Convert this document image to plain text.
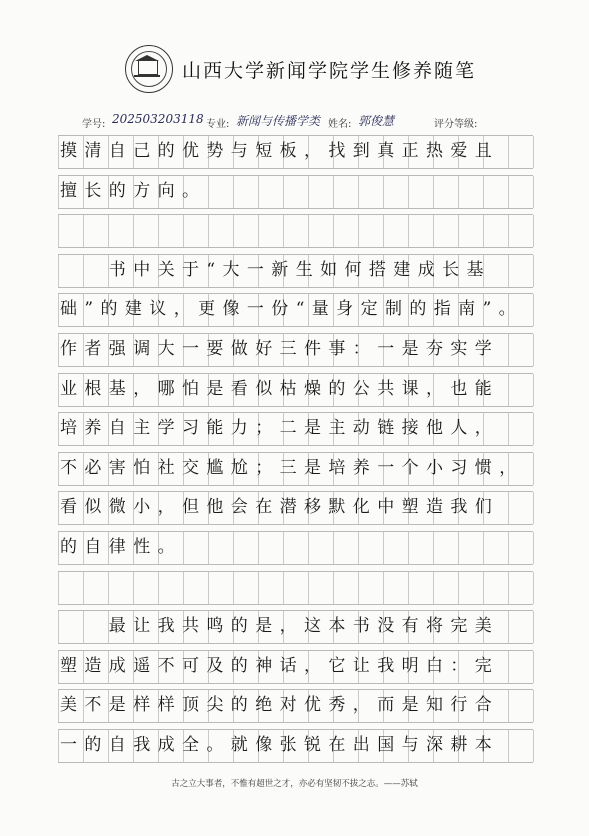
山西大学新闻学院学生修养随笔
学号: 202503203118 专业: 新闻与传播学类 姓名: 郭俊慧	评分等级:
摸清自己的优势与短板，找到真正热爱且
擅长的方向。
　　书中关于“大一新生如何搭建成长基
础”的建议，更像一份“量身定制的指南”。
作者强调大一要做好三件事：一是夯实学
业根基，哪怕是看似枯燥的公共课，也能
培养自主学习能力；二是主动链接他人，
不必害怕社交尴尬；三是培养一个小习惯，
看似微小，但他会在潜移默化中塑造我们
的自律性。
　　最让我共鸣的是，这本书没有将完美
塑造成遥不可及的神话，它让我明白：完
美不是样样顶尖的绝对优秀，而是知行合
一的自我成全。就像张锐在出国与深耕本
古之立大事者，不惟有超世之才，亦必有坚韧不拔之志。——苏轼
